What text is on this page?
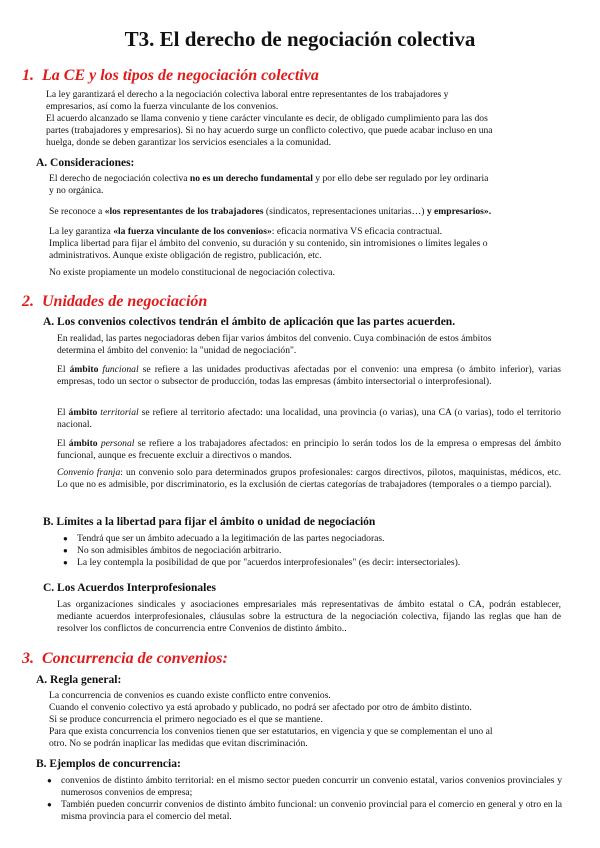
T3. El derecho de negociación colectiva
1. La CE y los tipos de negociación colectiva
La ley garantizará el derecho a la negociación colectiva laboral entre representantes de los trabajadores y
empresarios, así como la fuerza vinculante de los convenios.
El acuerdo alcanzado se llama convenio y tiene carácter vinculante es decir, de obligado cumplimiento para las dos
partes (trabajadores y empresarios). Si no hay acuerdo surge un conflicto colectivo, que puede acabar incluso en una
huelga, donde se deben garantizar los servicios esenciales a la comunidad.
A. Consideraciones:
El derecho de negociación colectiva no es un derecho fundamental y por ello debe ser regulado por ley ordinaria
y no orgánica.
Se reconoce a «los representantes de los trabajadores (sindicatos, representaciones unitarias…) y empresarios».
La ley garantiza «la fuerza vinculante de los convenios»: eficacia normativa VS eficacia contractual.
Implica libertad para fijar el ámbito del convenio, su duración y su contenido, sin intromisiones o límites legales o
administrativos. Aunque existe obligación de registro, publicación, etc.
No existe propiamente un modelo constitucional de negociación colectiva.
2. Unidades de negociación
A. Los convenios colectivos tendrán el ámbito de aplicación que las partes acuerden.
En realidad, las partes negociadoras deben fijar varios ámbitos del convenio. Cuya combinación de estos ámbitos
determina el ámbito del convenio: la "unidad de negociación".
El ámbito funcional se refiere a las unidades productivas afectadas por el convenio: una empresa (o ámbito inferior), varias empresas, todo un sector o subsector de producción, todas las empresas (ámbito intersectorial o interprofesional).
El ámbito territorial se refiere al territorio afectado: una localidad, una provincia (o varias), una CA (o varias), todo el territorio nacional.
El ámbito personal se refiere a los trabajadores afectados: en principio lo serán todos los de la empresa o empresas del ámbito funcional, aunque es frecuente excluir a directivos o mandos.
Convenio franja: un convenio solo para determinados grupos profesionales: cargos directivos, pilotos, maquinistas, médicos, etc. Lo que no es admisible, por discriminatorio, es la exclusión de ciertas categorías de trabajadores (temporales o a tiempo parcial).
B. Límites a la libertad para fijar el ámbito o unidad de negociación
● Tendrá que ser un ámbito adecuado a la legitimación de las partes negociadoras.
● No son admisibles ámbitos de negociación arbitrario.
● La ley contempla la posibilidad de que por "acuerdos interprofesionales" (es decir: intersectoriales).
C. Los Acuerdos Interprofesionales
Las organizaciones sindicales y asociaciones empresariales más representativas de ámbito estatal o CA, podrán establecer, mediante acuerdos interprofesionales, cláusulas sobre la estructura de la negociación colectiva, fijando las reglas que han de resolver los conflictos de concurrencia entre Convenios de distinto ámbito..
3. Concurrencia de convenios:
A. Regla general:
La concurrencia de convenios es cuando existe conflicto entre convenios.
Cuando el convenio colectivo ya está aprobado y publicado, no podrá ser afectado por otro de ámbito distinto.
Si se produce concurrencia el primero negociado es el que se mantiene.
Para que exista concurrencia los convenios tienen que ser estatutarios, en vigencia y que se complementan el uno al
otro. No se podrán inaplicar las medidas que evitan discriminación.
B. Ejemplos de concurrencia:
● convenios de distinto ámbito territorial: en el mismo sector pueden concurrir un convenio estatal, varios convenios provinciales y numerosos convenios de empresa;
● También pueden concurrir convenios de distinto ámbito funcional: un convenio provincial para el comercio en general y otro en la misma provincia para el comercio del metal.
